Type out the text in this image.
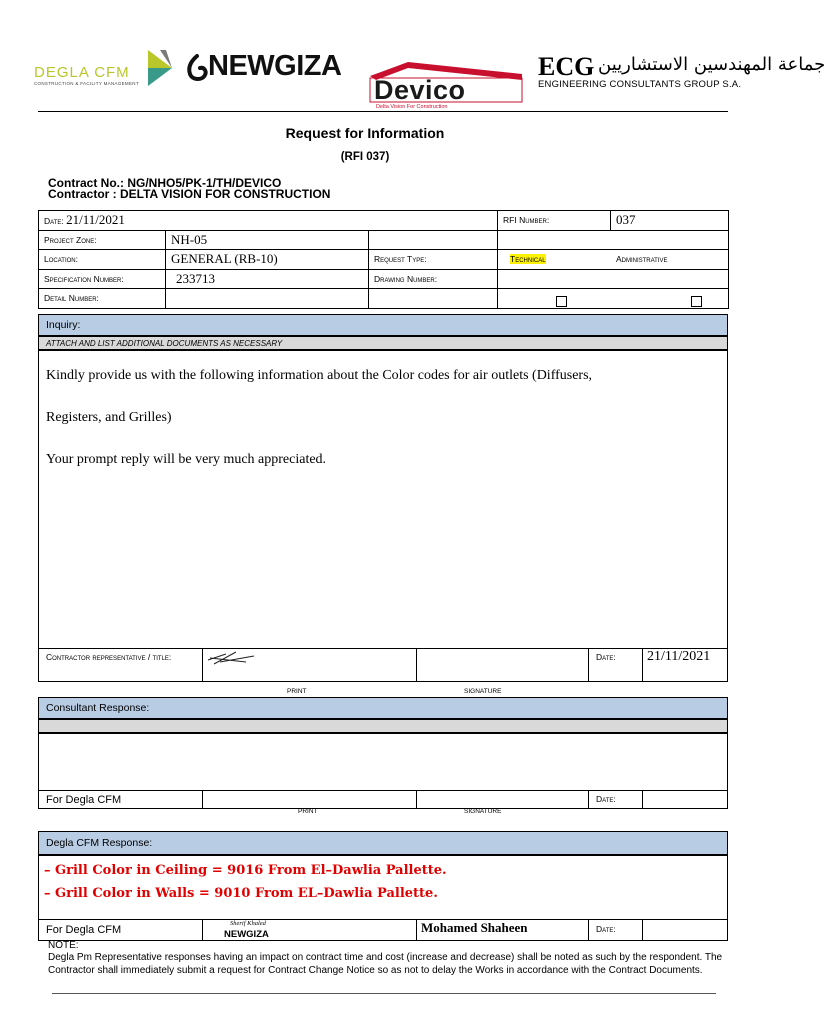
DEGLA CFM
CONSTRUCTION & FACILITY MANAGEMENT
NEWGIZA
Devico
Delta Vision For Construction
ECG جماعة المهندسين الاستشاريين
ENGINEERING CONSULTANTS GROUP S.A.
Request for Information
(RFI 037)
Contract No.: NG/NHO5/PK-1/TH/DEVICO
Contractor : DELTA VISION FOR CONSTRUCTION
Date: 21/11/2021			RFI Number:	037
Project Zone:	NH-05			
Location:	GENERAL (RB-10)	Request Type:	Technical Administrative	
Specification Number:	233713	Drawing Number:		
Detail Number:				
Inquiry:
ATTACH AND LIST ADDITIONAL DOCUMENTS AS NECESSARY
Kindly provide us with the following information about the Color codes for air outlets (Diffusers,
Registers, and Grilles)
Your prompt reply will be very much appreciated.
Contractor representative / title:	Date: 21/11/2021
PRINT	SIGNATURE
Consultant Response:
For Degla CFM	Date:
PRINT	SIGNATURE
Degla CFM Response:
– Grill Color in Ceiling = 9016 From El–Dawlia Pallette.
– Grill Color in Walls = 9010 From EL–Dawlia Pallette.
For Degla CFM
Sherif Khaled
NEWGIZA	Mohamed Shaheen	Date:
NOTE:
Degla Pm Representative responses having an impact on contract time and cost (increase and decrease) shall be noted as such by the respondent. The Contractor shall immediately submit a request for Contract Change Notice so as not to delay the Works in accordance with the Contract Documents.
